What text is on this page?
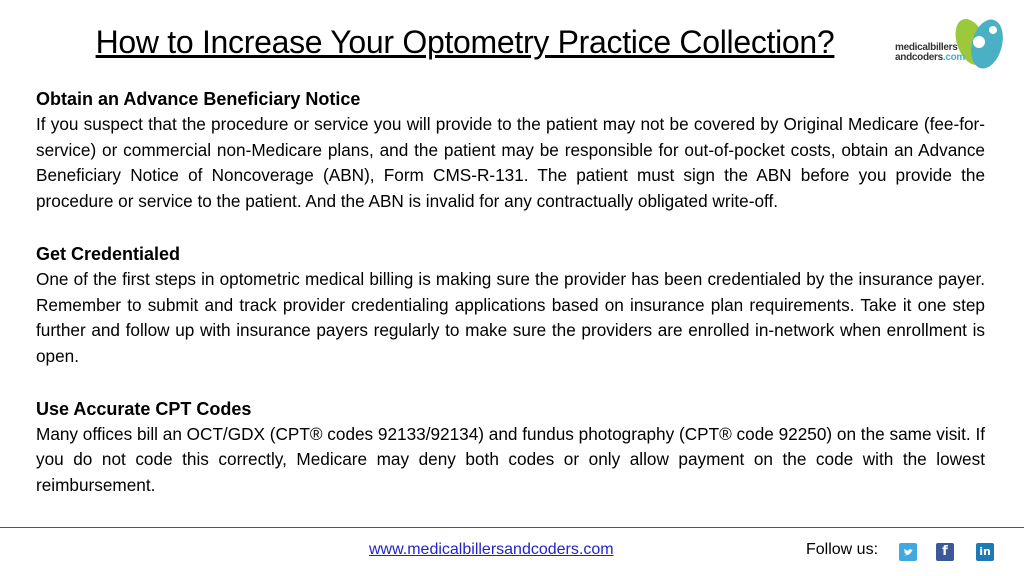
How to Increase Your Optometry Practice Collection?	medicalbillers
andcoders.com
Obtain an Advance Beneficiary Notice

If you suspect that the procedure or service you will provide to the patient may not be covered by Original Medicare (fee-for-service) or commercial non-Medicare plans, and the patient may be responsible for out-of-pocket costs, obtain an Advance Beneficiary Notice of Noncoverage (ABN), Form CMS-R-131. The patient must sign the ABN before you provide the procedure or service to the patient. And the ABN is invalid for any contractually obligated write-off.

Get Credentialed

One of the first steps in optometric medical billing is making sure the provider has been credentialed by the insurance payer. Remember to submit and track provider credentialing applications based on insurance plan requirements. Take it one step further and follow up with insurance payers regularly to make sure the providers are enrolled in-network when enrollment is open.

Use Accurate CPT Codes

Many offices bill an OCT/GDX (CPT® codes 92133/92134) and fundus photography (CPT® code 92250) on the same visit. If you do not code this correctly, Medicare may deny both codes or only allow payment on the code with the lowest reimbursement.

www.medicalbillersandcoders.com	Follow us:	f	in
